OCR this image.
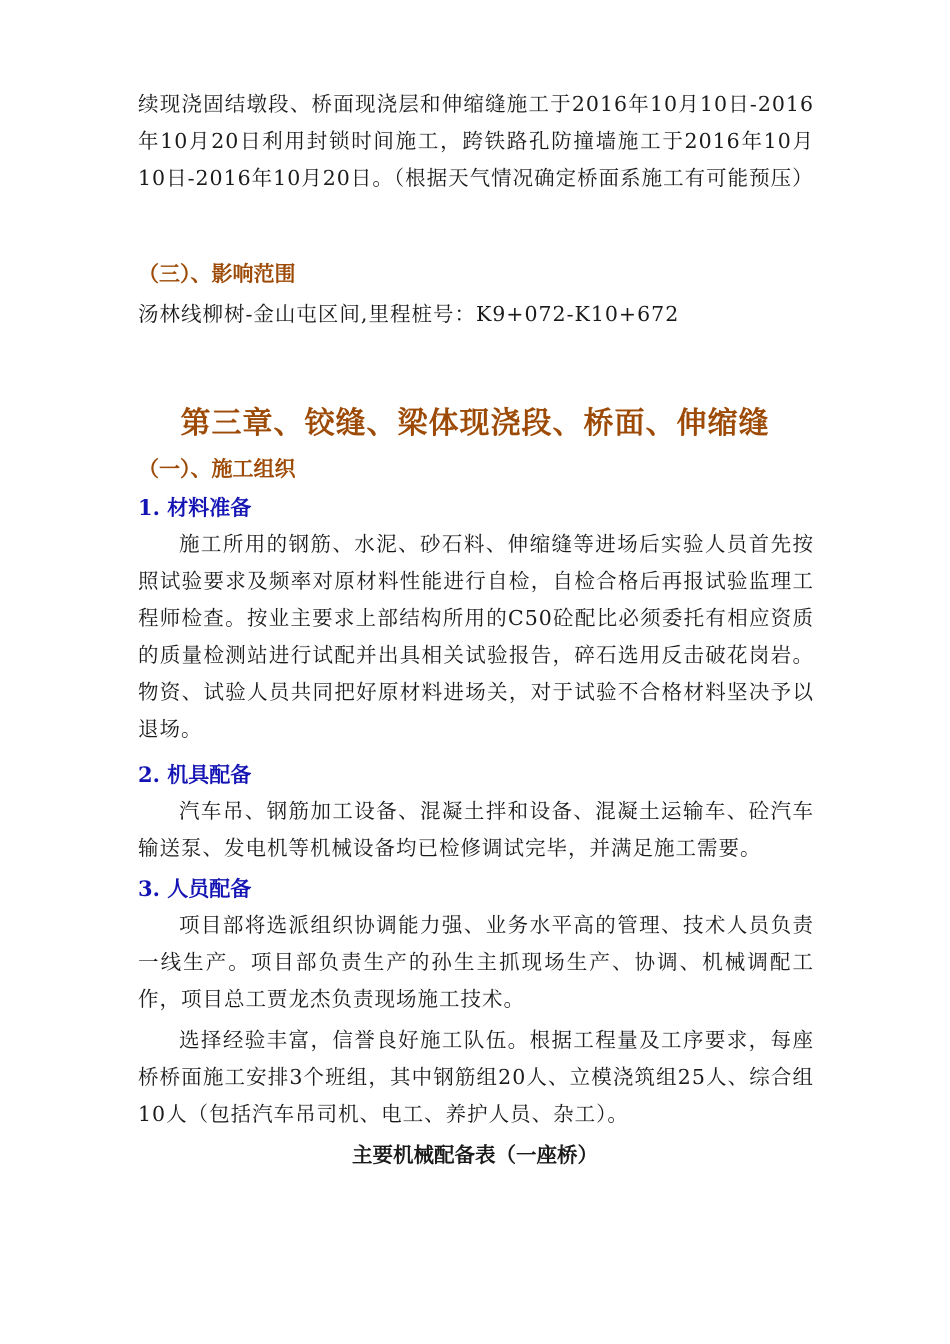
续现浇固结墩段、桥面现浇层和伸缩缝施工于2016年10月10日-2016年10月20日利用封锁时间施工，跨铁路孔防撞墙施工于2016年10月10日-2016年10月20日。（根据天气情况确定桥面系施工有可能预压）

（三）、影响范围

汤林线柳树-金山屯区间,里程桩号：K9+072-K10+672

第三章、铰缝、梁体现浇段、桥面、伸缩缝
（一）、施工组织
1. 材料准备

施工所用的钢筋、水泥、砂石料、伸缩缝等进场后实验人员首先按照试验要求及频率对原材料性能进行自检，自检合格后再报试验监理工程师检查。按业主要求上部结构所用的C50砼配比必须委托有相应资质的质量检测站进行试配并出具相关试验报告，碎石选用反击破花岗岩。物资、试验人员共同把好原材料进场关，对于试验不合格材料坚决予以退场。

2. 机具配备

汽车吊、钢筋加工设备、混凝土拌和设备、混凝土运输车、砼汽车输送泵、发电机等机械设备均已检修调试完毕，并满足施工需要。

3. 人员配备

项目部将选派组织协调能力强、业务水平高的管理、技术人员负责一线生产。项目部负责生产的孙生主抓现场生产、协调、机械调配工作，项目总工贾龙杰负责现场施工技术。

选择经验丰富，信誉良好施工队伍。根据工程量及工序要求，每座桥桥面施工安排3个班组，其中钢筋组20人、立模浇筑组25人、综合组10人（包括汽车吊司机、电工、养护人员、杂工）。

主要机械配备表（一座桥）
